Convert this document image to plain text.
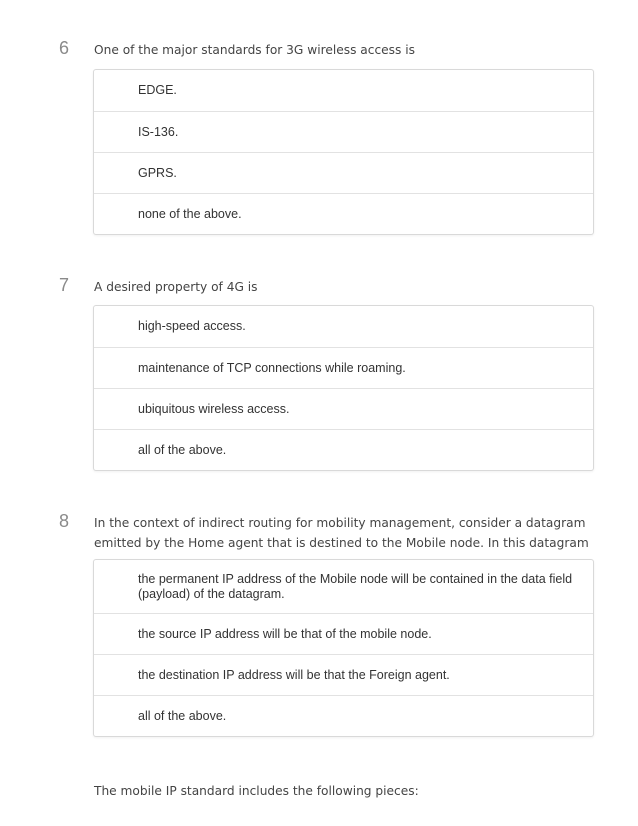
6 One of the major standards for 3G wireless access is
EDGE.
IS-136.
GPRS.
none of the above.
7 A desired property of 4G is
high-speed access.
maintenance of TCP connections while roaming.
ubiquitous wireless access.
all of the above.
8 In the context of indirect routing for mobility management, consider a datagram emitted by the Home agent that is destined to the Mobile node. In this datagram
the permanent IP address of the Mobile node will be contained in the data field (payload) of the datagram.
the source IP address will be that of the mobile node.
the destination IP address will be that the Foreign agent.
all of the above.
The mobile IP standard includes the following pieces:
